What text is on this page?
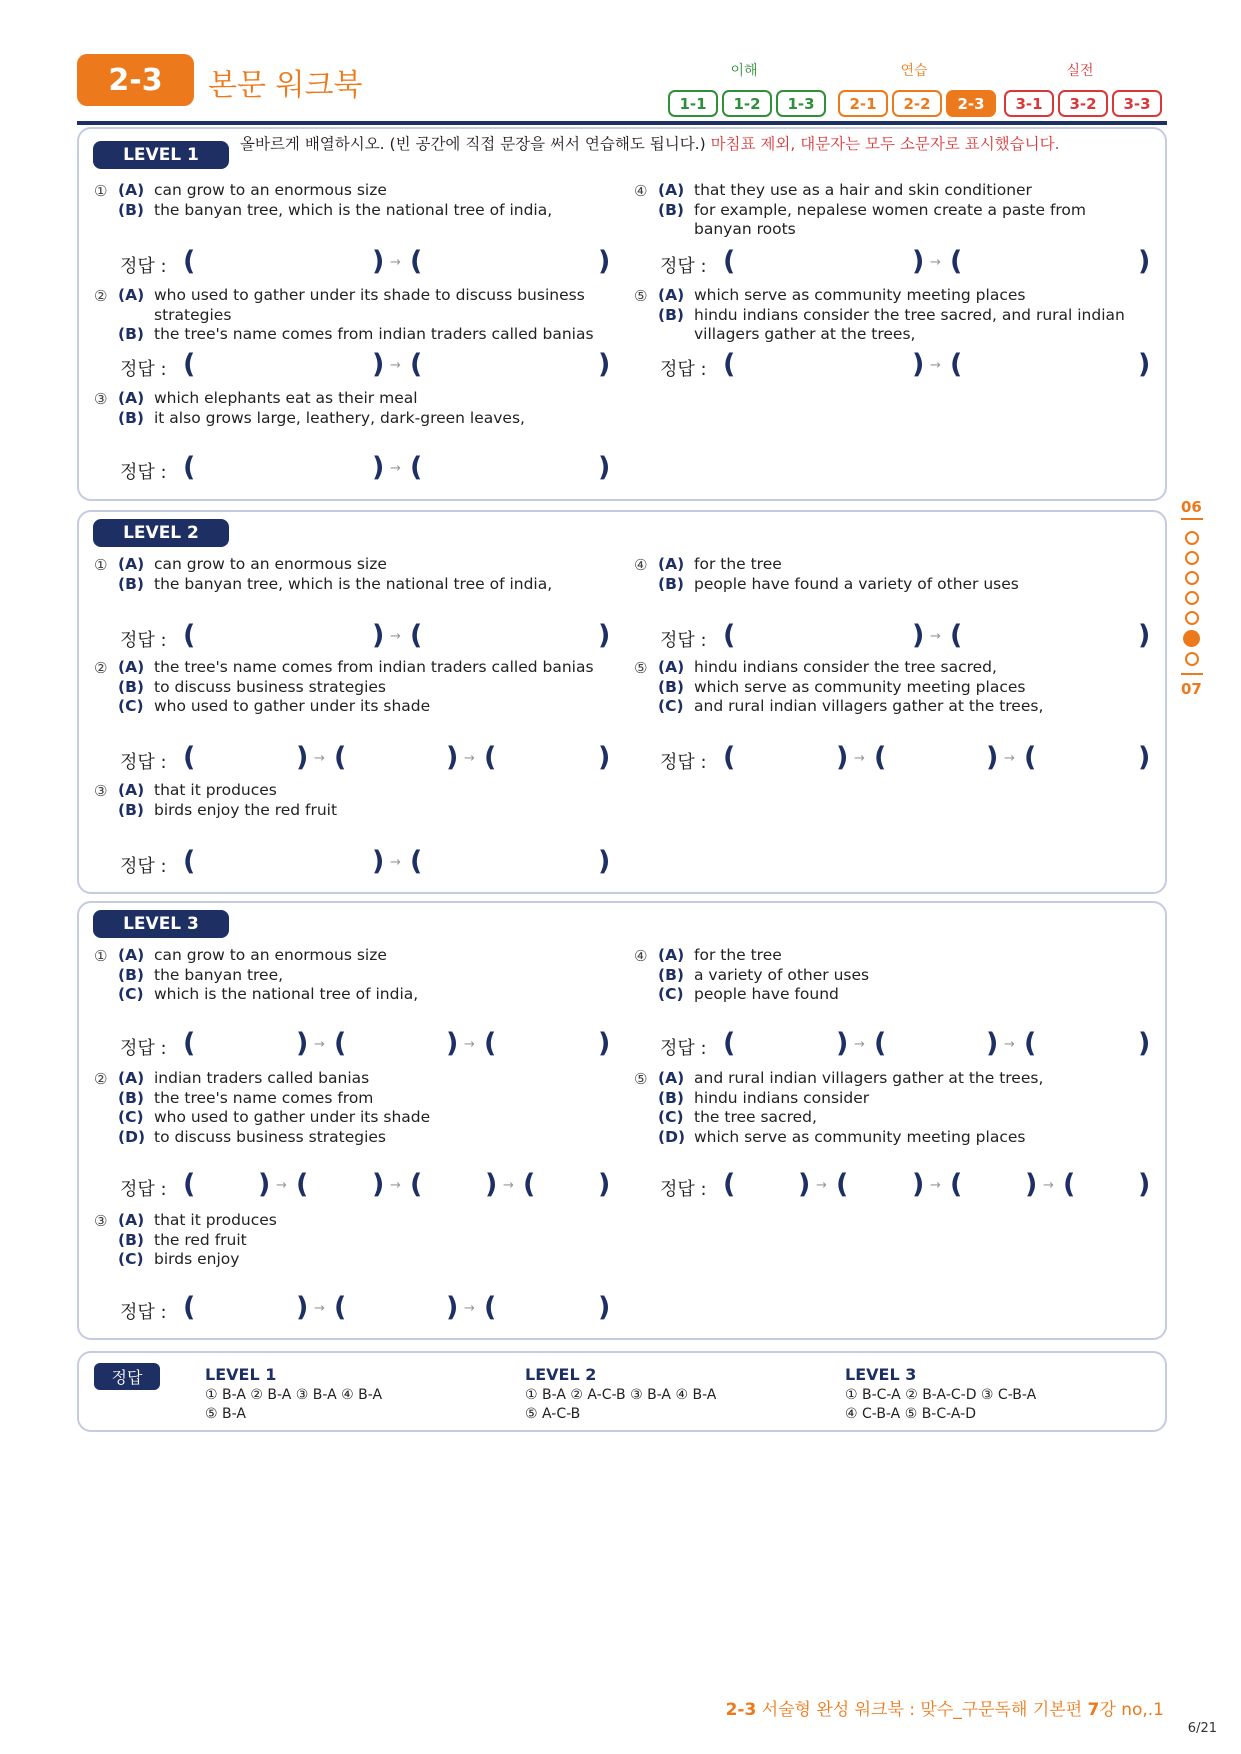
2-3	본문 워크북	이해	연습	실전
1-1	1-2	1-3	2-1	2-2	2-3	3-1	3-2	3-3
LEVEL 1
올바르게 배열하시오. (빈 공간에 직접 문장을 써서 연습해도 됩니다.) 마침표 제외, 대문자는 모두 소문자로 표시했습니다.
① (A) can grow to an enormous size
(B) the banyan tree, which is the national tree of india,
② (A) who used to gather under its shade to discuss business
strategies
(B) the tree's name comes from indian traders called banias
③ (A) which elephants eat as their meal
(B) it also grows large, leathery, dark-green leaves,
④ (A) that they use as a hair and skin conditioner
(B) for example, nepalese women create a paste from
banyan roots
⑤ (A) which serve as community meeting places
(B) hindu indians consider the tree sacred, and rural indian
villagers gather at the trees,
정답 : (	) → (	)	정답 : (	) → (	)
정답 : (	) → (	)	정답 : (	) → (	)
정답 : (	) → (	)
LEVEL 2
① (A) can grow to an enormous size
(B) the banyan tree, which is the national tree of india,
② (A) the tree's name comes from indian traders called banias
(B) to discuss business strategies
(C) who used to gather under its shade
③ (A) that it produces
(B) birds enjoy the red fruit
④ (A) for the tree
(B) people have found a variety of other uses
⑤ (A) hindu indians consider the tree sacred,
(B) which serve as community meeting places
(C) and rural indian villagers gather at the trees,
정답 : (	) → (	)	정답 : (	) → (	)
정답 : (	) → (	) → (	)	정답 : (	) → (	) → (	)
정답 : (	) → (	)
LEVEL 3
① (A) can grow to an enormous size
(B) the banyan tree,
(C) which is the national tree of india,
② (A) indian traders called banias
(B) the tree's name comes from
(C) who used to gather under its shade
(D) to discuss business strategies
③ (A) that it produces
(B) the red fruit
(C) birds enjoy
④ (A) for the tree
(B) a variety of other uses
(C) people have found
⑤ (A) and rural indian villagers gather at the trees,
(B) hindu indians consider
(C) the tree sacred,
(D) which serve as community meeting places
정답 : (	) → (	) → (	)	정답 : (	) → (	) → (	)
정답 : ( ) → ( ) → ( ) → ( )	정답 : ( ) → ( ) → ( ) → ( )
정답 : (	) → (	) → (	)
정답	LEVEL 1
① B-A ② B-A ③ B-A ④ B-A
⑤ B-A
LEVEL 2
① B-A ② A-C-B ③ B-A ④ B-A
⑤ A-C-B
LEVEL 3
① B-C-A ② B-A-C-D ③ C-B-A
④ C-B-A ⑤ B-C-A-D
06
07
2-3 서술형 완성 워크북 : 맞수_구문독해 기본편 7강 no,.1
6/21
